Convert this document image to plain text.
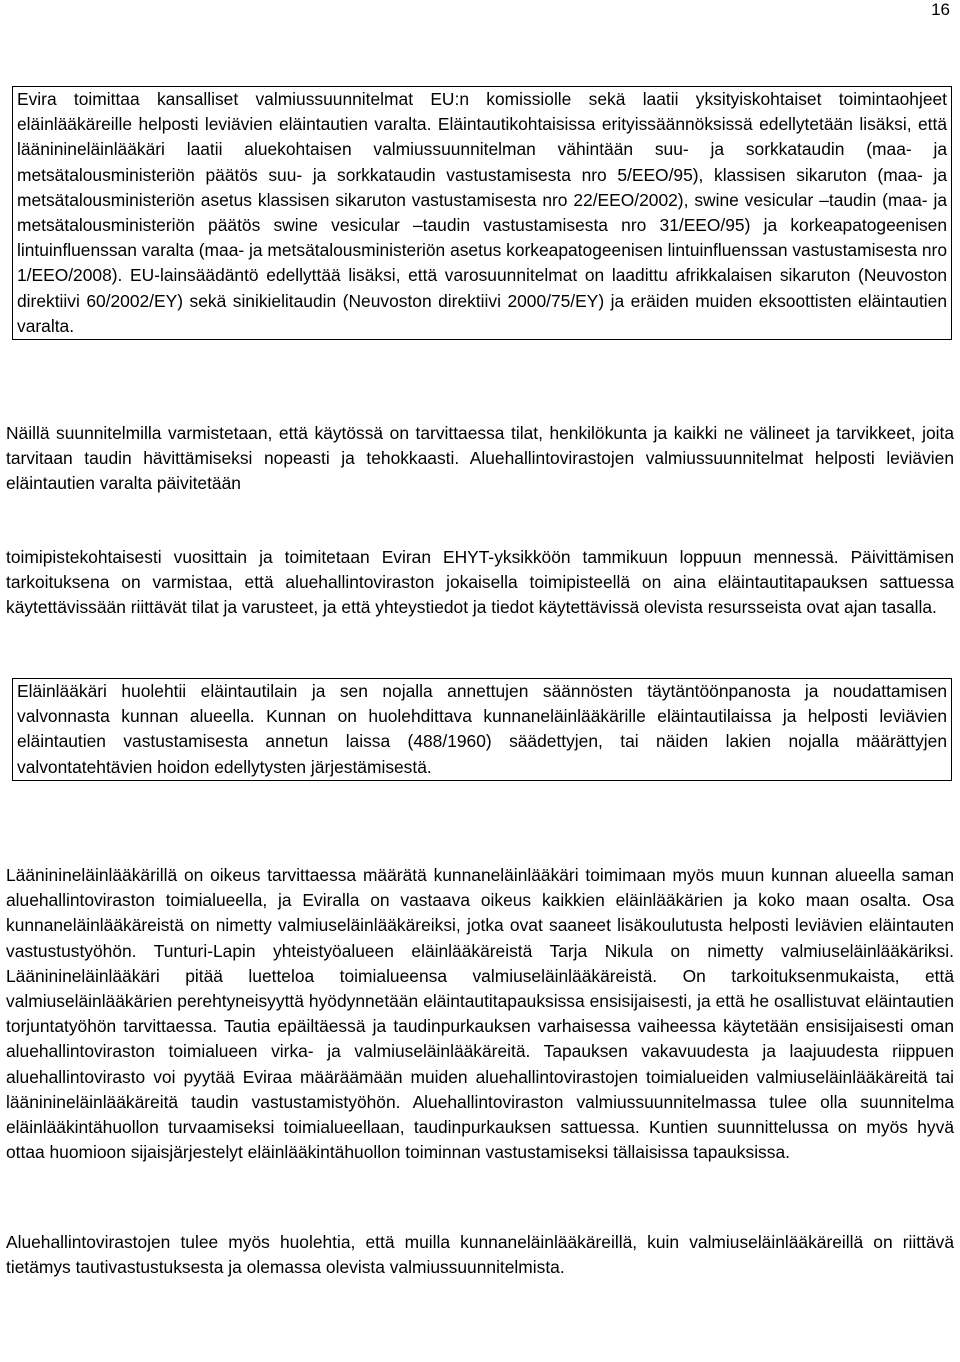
16

Evira toimittaa kansalliset valmiussuunnitelmat EU:n komissiolle sekä laatii yksityiskohtaiset toimintaohjeet eläinlääkäreille helposti leviävien eläintautien varalta. Eläintautikohtaisissa erityissäännöksissä edellytetään lisäksi, että lääninineläinlääkäri laatii aluekohtaisen valmiussuunnitelman vähintään suu- ja sorkkataudin (maa- ja metsätalousministeriön päätös suu- ja sorkkataudin vastustamisesta nro 5/EEO/95), klassisen sikaruton (maa- ja metsätalousministeriön asetus klassisen sikaruton vastustamisesta nro 22/EEO/2002), swine vesicular –taudin (maa- ja metsätalousministeriön päätös swine vesicular –taudin vastustamisesta nro 31/EEO/95) ja korkeapatogeenisen lintuinfluenssan varalta (maa- ja metsätalousministeriön asetus korkeapatogeenisen lintuinfluenssan vastustamisesta nro 1/EEO/2008). EU-lainsäädäntö edellyttää lisäksi, että varosuunnitelmat on laadittu afrikkalaisen sikaruton (Neuvoston direktiivi 60/2002/EY) sekä sinikielitaudin (Neuvoston direktiivi 2000/75/EY) ja eräiden muiden eksoottisten eläintautien varalta.

Näillä suunnitelmilla varmistetaan, että käytössä on tarvittaessa tilat, henkilökunta ja kaikki ne välineet ja tarvikkeet, joita tarvitaan taudin hävittämiseksi nopeasti ja tehokkaasti. Aluehallintovirastojen valmiussuunnitelmat helposti leviävien eläintautien varalta päivitetään

toimipistekohtaisesti vuosittain ja toimitetaan Eviran EHYT-yksikköön tammikuun loppuun mennessä. Päivittämisen tarkoituksena on varmistaa, että aluehallintoviraston jokaisella toimipisteellä on aina eläintautitapauksen sattuessa käytettävissään riittävät tilat ja varusteet, ja että yhteystiedot ja tiedot käytettävissä olevista resursseista ovat ajan tasalla.

Eläinlääkäri huolehtii eläintautilain ja sen nojalla annettujen säännösten täytäntöönpanosta ja noudattamisen valvonnasta kunnan alueella. Kunnan on huolehdittava kunnaneläinlääkärille eläintautilaissa ja helposti leviävien eläintautien vastustamisesta annetun laissa (488/1960) säädettyjen, tai näiden lakien nojalla määrättyjen valvontatehtävien hoidon edellytysten järjestämisestä.

Lääninineläinlääkärillä on oikeus tarvittaessa määrätä kunnaneläinlääkäri toimimaan myös muun kunnan alueella saman aluehallintoviraston toimialueella, ja Eviralla on vastaava oikeus kaikkien eläinlääkärien ja koko maan osalta. Osa kunnaneläinlääkäreistä on nimetty valmiuseläinlääkäreiksi, jotka ovat saaneet lisäkoulutusta helposti leviävien eläintauten vastustustyöhön. Tunturi-Lapin yhteistyöalueen eläinlääkäreistä Tarja Nikula on nimetty valmiuseläinlääkäriksi. Lääninineläinlääkäri pitää luetteloa toimialueensa valmiuseläinlääkäreistä. On tarkoituksenmukaista, että valmiuseläinlääkärien perehtyneisyyttä hyödynnetään eläintautitapauksissa ensisijaisesti, ja että he osallistuvat eläintautien torjuntatyöhön tarvittaessa. Tautia epäiltäessä ja taudinpurkauksen varhaisessa vaiheessa käytetään ensisijaisesti oman aluehallintoviraston toimialueen virka- ja valmiuseläinlääkäreitä. Tapauksen vakavuudesta ja laajuudesta riippuen aluehallintovirasto voi pyytää Eviraa määräämään muiden aluehallintovirastojen toimialueiden valmiuseläinlääkäreitä tai lääninineläinlääkäreitä taudin vastustamistyöhön. Aluehallintoviraston valmiussuunnitelmassa tulee olla suunnitelma eläinlääkintähuollon turvaamiseksi toimialueellaan, taudinpurkauksen sattuessa. Kuntien suunnittelussa on myös hyvä ottaa huomioon sijaisjärjestelyt eläinlääkintähuollon toiminnan vastustamiseksi tällaisissa tapauksissa.

Aluehallintovirastojen tulee myös huolehtia, että muilla kunnaneläinlääkäreillä, kuin valmiuseläinlääkäreillä on riittävä tietämys tautivastustuksesta ja olemassa olevista valmiussuunnitelmista.
